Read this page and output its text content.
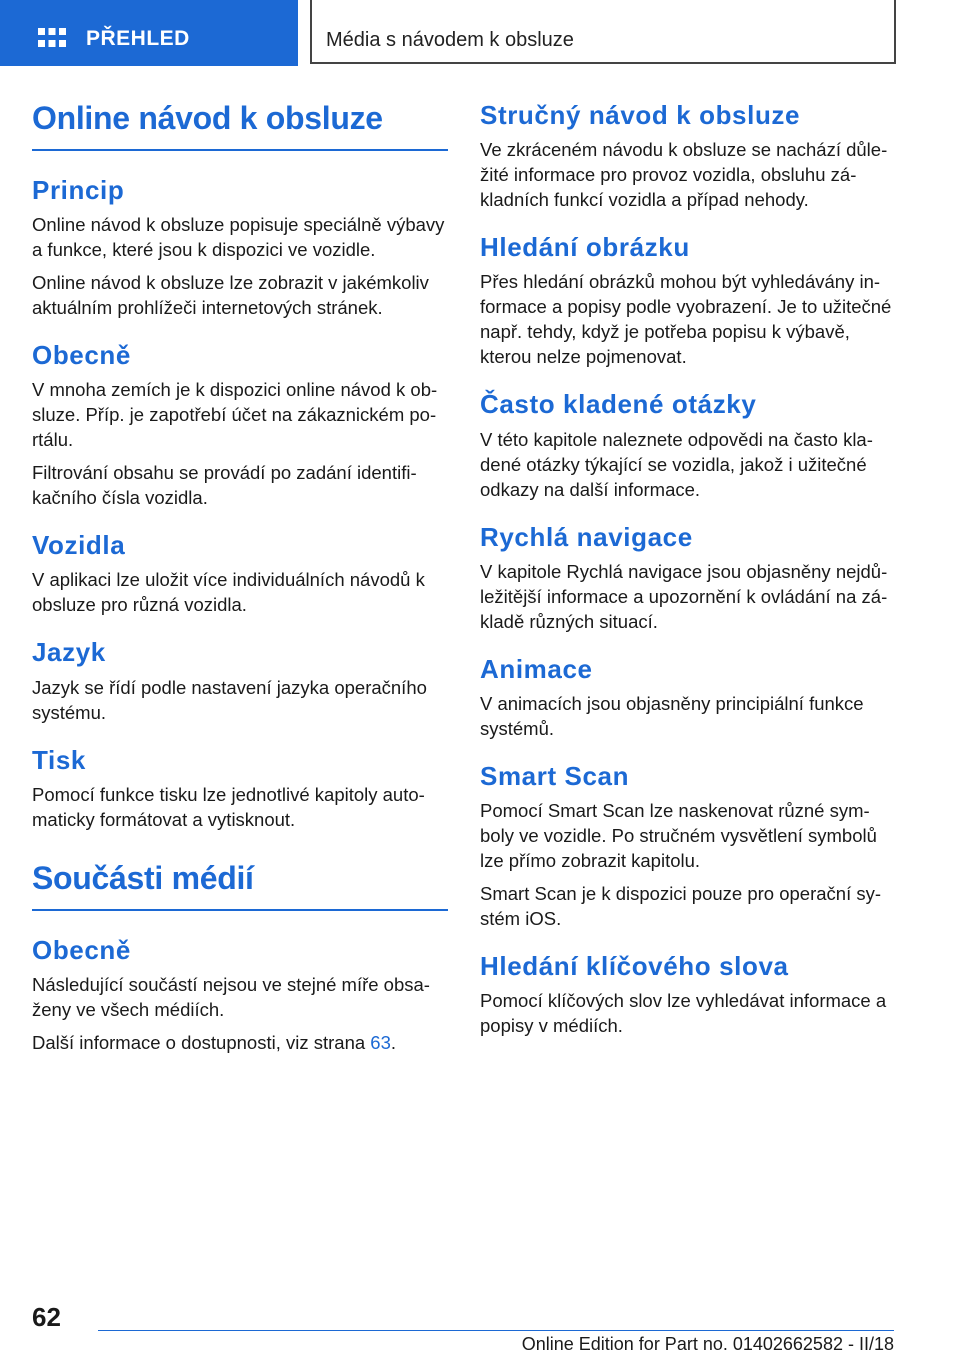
PŘEHLED	Média s návodem k obsluze
Online návod k obsluze
Princip

Online návod k obsluze popisuje speciálně výbavy a funkce, které jsou k dispozici ve vozidle.

Online návod k obsluze lze zobrazit v jakémkoliv aktuálním prohlížeči internetových stránek.

Obecně

V mnoha zemích je k dispozici online návod k obsluze. Příp. je zapotřebí účet na zákaznickém portálu.

Filtrování obsahu se provádí po zadání identifikačního čísla vozidla.

Vozidla

V aplikaci lze uložit více individuálních návodů k obsluze pro různá vozidla.

Jazyk

Jazyk se řídí podle nastavení jazyka operačního systému.

Tisk

Pomocí funkce tisku lze jednotlivé kapitoly automaticky formátovat a vytisknout.

Součásti médií
Obecně

Následující součástí nejsou ve stejné míře obsaženy ve všech médiích.

Další informace o dostupnosti, viz strana 63.

Stručný návod k obsluze

Ve zkráceném návodu k obsluze se nachází důležité informace pro provoz vozidla, obsluhu základních funkcí vozidla a případ nehody.

Hledání obrázku

Přes hledání obrázků mohou být vyhledávány informace a popisy podle vyobrazení. Je to užitečné např. tehdy, když je potřeba popisu k výbavě, kterou nelze pojmenovat.

Často kladené otázky

V této kapitole naleznete odpovědi na často kladené otázky týkající se vozidla, jakož i užitečné odkazy na další informace.

Rychlá navigace

V kapitole Rychlá navigace jsou objasněny nejdůležitější informace a upozornění k ovládání na základě různých situací.

Animace

V animacích jsou objasněny principiální funkce systémů.

Smart Scan

Pomocí Smart Scan lze naskenovat různé symboly ve vozidle. Po stručném vysvětlení symbolů lze přímo zobrazit kapitolu.

Smart Scan je k dispozici pouze pro operační systém iOS.

Hledání klíčového slova

Pomocí klíčových slov lze vyhledávat informace a popisy v médiích.

62
Online Edition for Part no. 01402662582 - II/18
